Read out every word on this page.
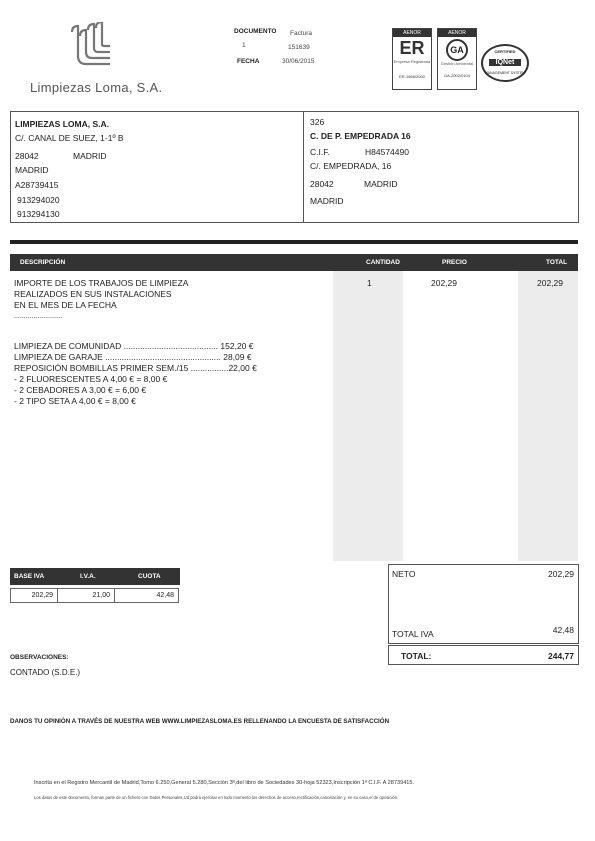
Limpiezas Loma, S.A.
DOCUMENTO Factura
1	151639
FECHA	30/06/2015
AENOR
ER
Empresa Registrada
ER-1658/2000
AENOR
GA
Gestión Ambiental
GA-2002/0104
CERTIFIED
IQNet
MANAGEMENT SYSTEM
LIMPIEZAS LOMA, S.A.
C/. CANAL DE SUEZ, 1-1º B
28042	MADRID
MADRID
A28739415
913294020
913294130
326
C. DE P. EMPEDRADA 16
C.I.F.	H84574490
C/. EMPEDRADA, 16
28042	MADRID
MADRID
DESCRIPCIÓN	CANTIDAD	PRECIO	TOTAL
IMPORTE DE LOS TRABAJOS DE LIMPIEZA
REALIZADOS EN SUS INSTALACIONES
EN EL MES DE LA FECHA
.........................
1	202,29	202,29
LIMPIEZA DE COMUNIDAD ........................................ 152,20 €
LIMPIEZA DE GARAJE ................................................. 28,09 €
REPOSICIÓN BOMBILLAS PRIMER SEM./15 ................22,00 €
- 2 FLUORESCENTES A 4,00 € = 8,00 €
- 2 CEBADORES A 3,00 € = 6,00 €
- 2 TIPO SETA A 4,00 € = 8,00 €
BASE IVA	I.V.A.	CUOTA
202,29	21,00	42,48
NETO	202,29
TOTAL IVA	42,48
TOTAL:	244,77
OBSERVACIONES:
CONTADO (S.D.E.)
DANOS TU OPINIÓN A TRAVÉS DE NUESTRA WEB WWW.LIMPIEZASLOMA.ES RELLENANDO LA ENCUESTA DE SATISFACCIÓN
Inscrita en el Registro Mercantil de Madrid,Tomo 6.250,General 5.280,Sección 3ª,del libro de Sociedades 30-hoja 52323,Inscripción 1ª C.I.F. A 28739415.
Los datos de este documento, forman parte de un fichero con Datos Personales,Ud podrá ejercitar en todo momento los derechos de acceso,rectificación,cancelación y, en su caso,el de oposición.
